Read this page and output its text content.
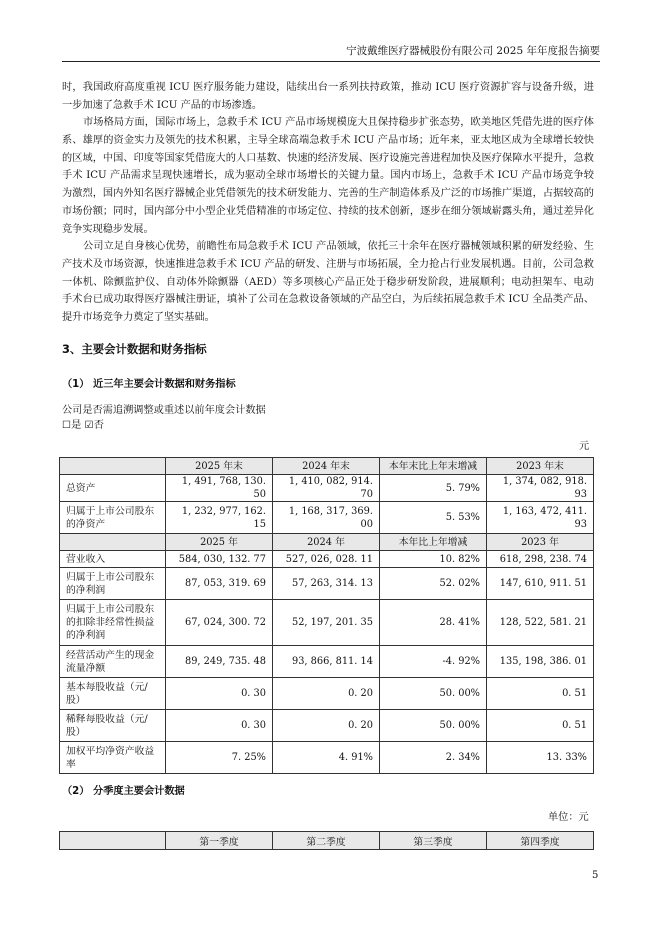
宁波戴维医疗器械股份有限公司 2025 年年度报告摘要

时，我国政府高度重视 ICU 医疗服务能力建设，陆续出台一系列扶持政策，推动 ICU 医疗资源扩容与设备升级，进一步加速了急救手术 ICU 产品的市场渗透。

市场格局方面，国际市场上，急救手术 ICU 产品市场规模庞大且保持稳步扩张态势，欧美地区凭借先进的医疗体系、雄厚的资金实力及领先的技术积累，主导全球高端急救手术 ICU 产品市场；近年来，亚太地区成为全球增长较快的区域，中国、印度等国家凭借庞大的人口基数、快速的经济发展、医疗设施完善进程加快及医疗保障水平提升，急救手术 ICU 产品需求呈现快速增长，成为驱动全球市场增长的关键力量。国内市场上，急救手术 ICU 产品市场竞争较为激烈，国内外知名医疗器械企业凭借领先的技术研发能力、完善的生产制造体系及广泛的市场推广渠道，占据较高的市场份额；同时，国内部分中小型企业凭借精准的市场定位、持续的技术创新，逐步在细分领域崭露头角，通过差异化竞争实现稳步发展。

公司立足自身核心优势，前瞻性布局急救手术 ICU 产品领域，依托三十余年在医疗器械领域积累的研发经验、生产技术及市场资源，快速推进急救手术 ICU 产品的研发、注册与市场拓展，全力抢占行业发展机遇。目前，公司急救一体机、除颤监护仪、自动体外除颤器（AED）等多项核心产品正处于稳步研发阶段，进展顺利；电动担架车、电动手术台已成功取得医疗器械注册证，填补了公司在急救设备领域的产品空白，为后续拓展急救手术 ICU 全品类产品、提升市场竞争力奠定了坚实基础。

3、主要会计数据和财务指标
（1） 近三年主要会计数据和财务指标
公司是否需追溯调整或重述以前年度会计数据
☐是 ☑否
元
	2025 年末	2024 年末	本年末比上年末增减	2023 年末
总资产	1, 491, 768, 130. 50	1, 410, 082, 914. 70	5. 79%	1, 374, 082, 918. 93
归属于上市公司股东的净资产	1, 232, 977, 162. 15	1, 168, 317, 369. 00	5. 53%	1, 163, 472, 411. 93
	2025 年	2024 年	本年比上年增减	2023 年
营业收入	584, 030, 132. 77	527, 026, 028. 11	10. 82%	618, 298, 238. 74
归属于上市公司股东的净利润	87, 053, 319. 69	57, 263, 314. 13	52. 02%	147, 610, 911. 51
归属于上市公司股东的扣除非经常性损益的净利润	67, 024, 300. 72	52, 197, 201. 35	28. 41%	128, 522, 581. 21
经营活动产生的现金流量净额	89, 249, 735. 48	93, 866, 811. 14	-4. 92%	135, 198, 386. 01
基本每股收益（元/股）	0. 30	0. 20	50. 00%	0. 51
稀释每股收益（元/股）	0. 30	0. 20	50. 00%	0. 51
加权平均净资产收益率	7. 25%	4. 91%	2. 34%	13. 33%
（2） 分季度主要会计数据
单位：元
	第一季度	第二季度	第三季度	第四季度
5
